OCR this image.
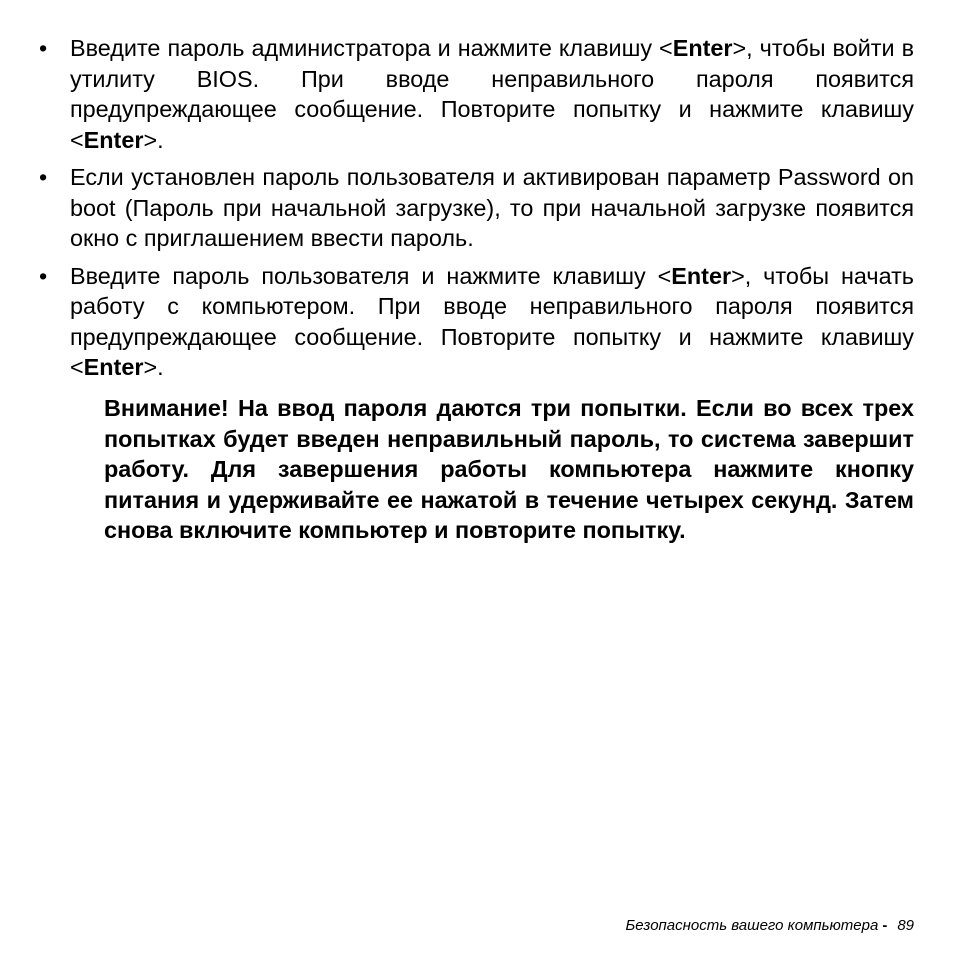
• Введите пароль администратора и нажмите клавишу <Enter>, чтобы войти в утилиту BIOS. При вводе неправильного пароля появится предупреждающее сообщение. Повторите попытку и нажмите клавишу <Enter>.
• Если установлен пароль пользователя и активирован параметр Password on boot (Пароль при начальной загрузке), то при начальной загрузке появится окно с приглашением ввести пароль.
• Введите пароль пользователя и нажмите клавишу <Enter>, чтобы начать работу с компьютером. При вводе неправильного пароля появится предупреждающее сообщение. Повторите попытку и нажмите клавишу <Enter>.

Внимание! На ввод пароля даются три попытки. Если во всех трех попытках будет введен неправильный пароль, то система завершит работу. Для завершения работы компьютера нажмите кнопку питания и удерживайте ее нажатой в течение четырех секунд. Затем снова включите компьютер и повторите попытку.

Безопасность вашего компьютера - 89
